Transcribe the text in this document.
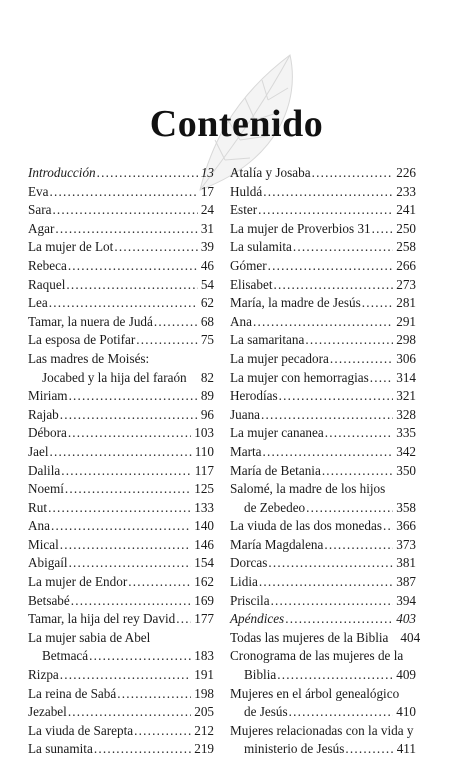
Contenido
Introducción .....	13
Eva .....	17
Sara .....	24
Agar .....	31
La mujer de Lot .....	39
Rebeca .....	46
Raquel .....	54
Lea .....	62
Tamar, la nuera de Judá .....	68
La esposa de Potifar .....	75
Las madres de Moisés:
Jocabed y la hija del faraón 82
Miriam .....	89
Rajab .....	96
Débora .....	103
Jael .....	110
Dalila .....	117
Noemí .....	125
Rut .....	133
Ana .....	140
Mical .....	146
Abigaíl .....	154
La mujer de Endor .....	162
Betsabé .....	169
Tamar, la hija del rey David ..... 177
La mujer sabia de Abel
Betmacá .....	183
Rizpa .....	191
La reina de Sabá .....	198
Jezabel .....	205
La viuda de Sarepta .....	212
La sunamita .....	219
Atalía y Josaba .....	226
Huldá .....	233
Ester .....	241
La mujer de Proverbios 31 ..... 250
La sulamita .....	258
Gómer .....	266
Elisabet .....	273
María, la madre de Jesús .....	281
Ana .....	291
La samaritana .....	298
La mujer pecadora .....	306
La mujer con hemorragias ..... 314
Herodías .....	321
Juana .....	328
La mujer cananea .....	335
Marta .....	342
María de Betania .....	350
Salomé, la madre de los hijos
de Zebedeo .....	358
La viuda de las dos monedas ..... 366
María Magdalena .....	373
Dorcas .....	381
Lidia .....	387
Priscila .....	394
Apéndices .....	403
Todas las mujeres de la Biblia 404
Cronograma de las mujeres de la
Biblia .....	409
Mujeres en el árbol genealógico
de Jesús .....	410
Mujeres relacionadas con la vida y
ministerio de Jesús .....	411
